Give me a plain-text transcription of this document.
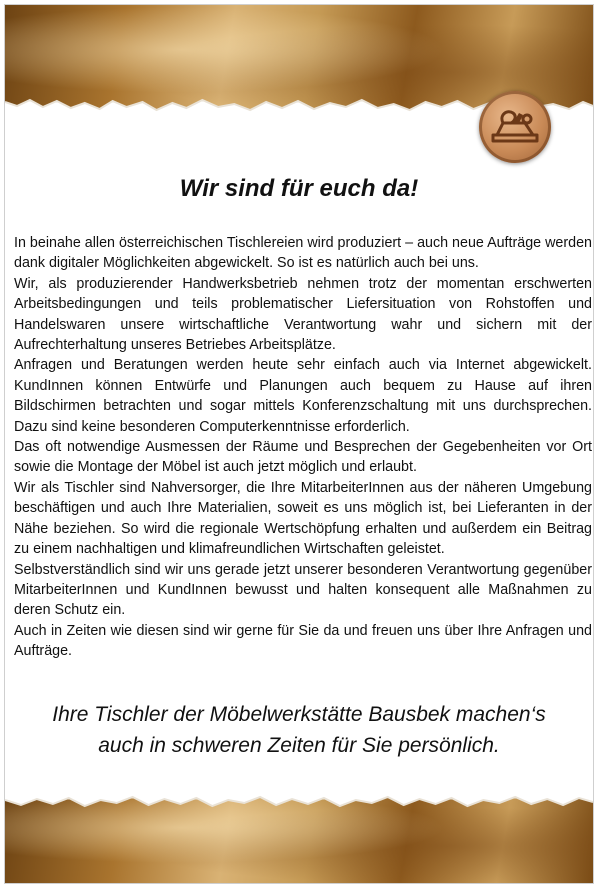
Wir sind für euch da!

In beinahe allen österreichischen Tischlereien wird produziert – auch neue Aufträge werden dank digitaler Möglichkeiten abgewickelt. So ist es natürlich auch bei uns.

Wir, als produzierender Handwerksbetrieb nehmen trotz der momentan erschwerten Arbeitsbedingungen und teils problematischer Liefersituation von Rohstoffen und Handelswaren unsere wirtschaftliche Verantwortung wahr und sichern mit der Aufrechterhaltung unseres Betriebes Arbeitsplätze.

Anfragen und Beratungen werden heute sehr einfach auch via Internet abgewickelt. KundInnen können Entwürfe und Planungen auch bequem zu Hause auf ihren Bildschirmen betrachten und sogar mittels Konferenzschaltung mit uns durchsprechen. Dazu sind keine besonderen Computerkenntnisse erforderlich.

Das oft notwendige Ausmessen der Räume und Besprechen der Gegebenheiten vor Ort sowie die Montage der Möbel ist auch jetzt möglich und erlaubt.

Wir als Tischler sind Nahversorger, die Ihre MitarbeiterInnen aus der näheren Umgebung beschäftigen und auch Ihre Materialien, soweit es uns möglich ist, bei Lieferanten in der Nähe beziehen. So wird die regionale Wertschöpfung erhalten und außerdem ein Beitrag zu einem nachhaltigen und klimafreundlichen Wirtschaften geleistet.

Selbstverständlich sind wir uns gerade jetzt unserer besonderen Verantwortung gegenüber MitarbeiterInnen und KundInnen bewusst und halten konsequent alle Maßnahmen zu deren Schutz ein.

Auch in Zeiten wie diesen sind wir gerne für Sie da und freuen uns über Ihre Anfragen und Aufträge.

Ihre Tischler der Möbelwerkstätte Bausbek machen‘s
auch in schweren Zeiten für Sie persönlich.
